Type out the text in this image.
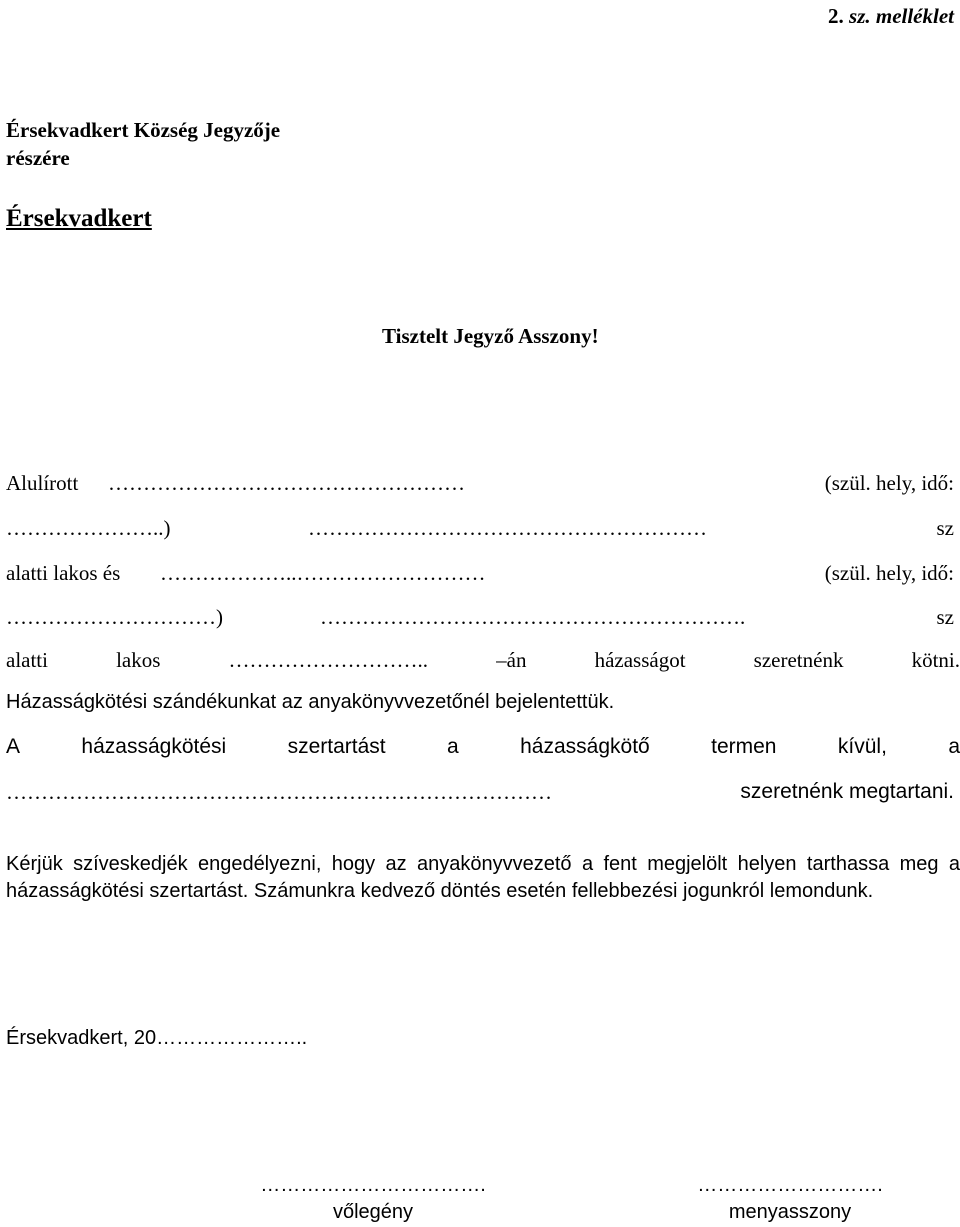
2. sz. melléklet
Érsekvadkert Község Jegyzője
részére
Érsekvadkert
Tisztelt Jegyző Asszony!
Alulírott ……………………………………………	(szül. hely, idő:
…………………..)	…………………………………………………	sz
alatti lakos és ………………..………………………	(szül. hely, idő:
…………………………)	…………………………………………………….	sz
alatti	lakos	………………………..	–án	házasságot	szeretnénk	kötni.
Házasságkötési szándékunkat az anyakönyvvezetőnél bejelentettük.
A	házasságkötési	szertartást	a	házasságkötő	termen	kívül,	a
……………………………………………………………………	szeretnénk megtartani.
Kérjük szíveskedjék engedélyezni, hogy az anyakönyvvezető a fent megjelölt helyen tarthassa meg a házasságkötési szertartást. Számunkra kedvező döntés esetén fellebbezési jogunkról lemondunk.
Érsekvadkert, 20…………………..
…………………………….
vőlegény
……………………….
menyasszony
